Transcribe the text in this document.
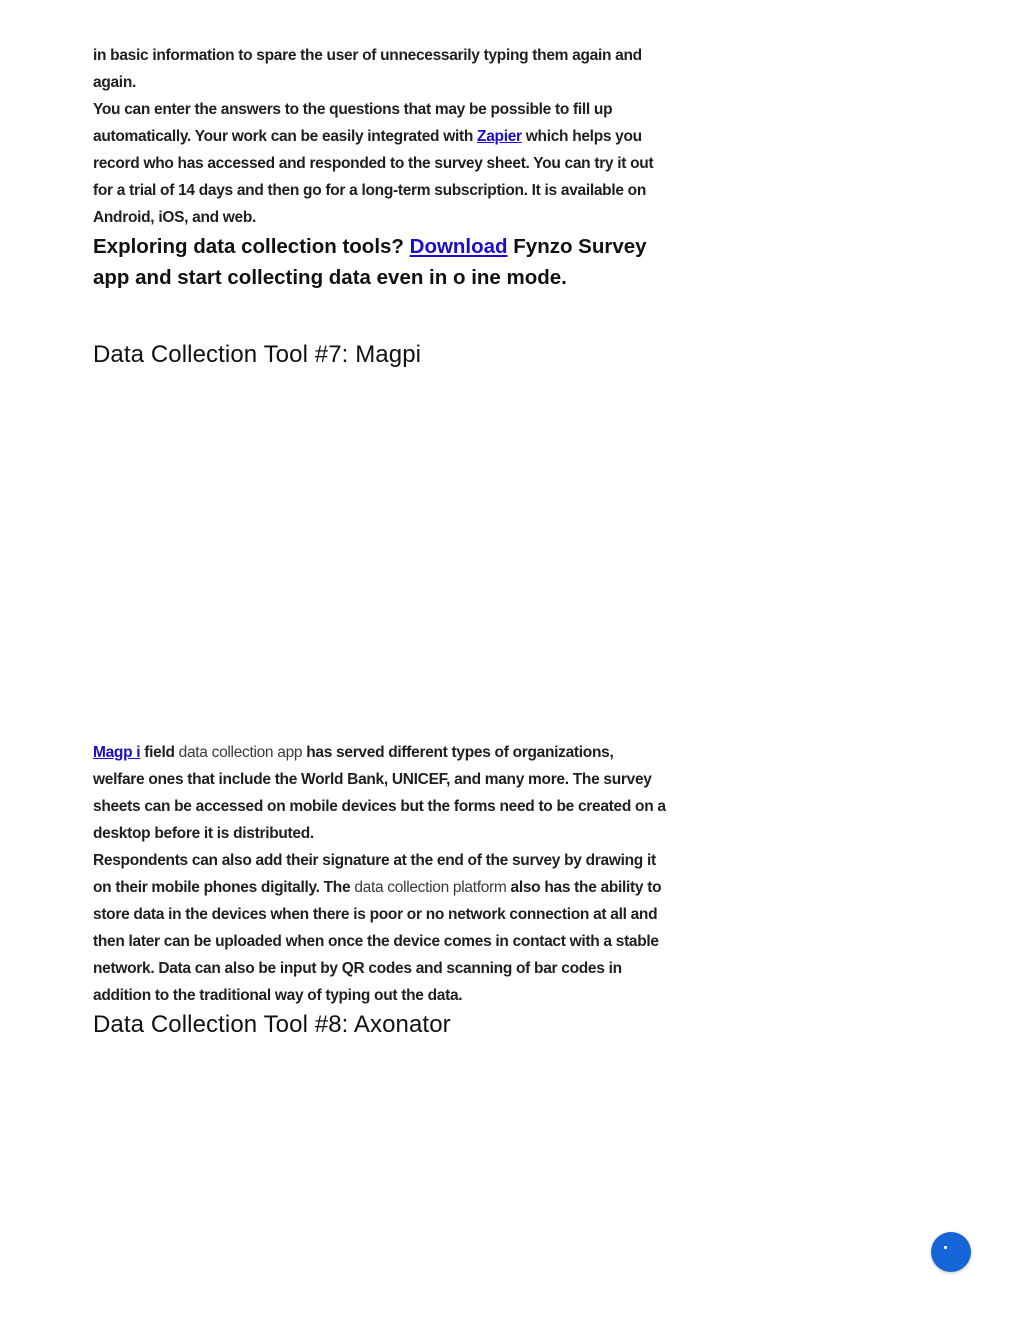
in basic information to spare the user of unnecessarily typing them again and again.

You can enter the answers to the questions that may be possible to fill up automatically. Your work can be easily integrated with Zapier which helps you record who has accessed and responded to the survey sheet. You can try it out for a trial of 14 days and then go for a long-term subscription. It is available on Android, iOS, and web.

Exploring data collection tools? Download Fynzo Survey app and start collecting data even in o ine mode.

Data Collection Tool #7: Magpi

Magp i field data collection app has served different types of organizations, welfare ones that include the World Bank, UNICEF, and many more. The survey sheets can be accessed on mobile devices but the forms need to be created on a desktop before it is distributed.

Respondents can also add their signature at the end of the survey by drawing it on their mobile phones digitally. The data collection platform also has the ability to store data in the devices when there is poor or no network connection at all and then later can be uploaded when once the device comes in contact with a stable network. Data can also be input by QR codes and scanning of bar codes in addition to the traditional way of typing out the data.

Data Collection Tool #8: Axonator
